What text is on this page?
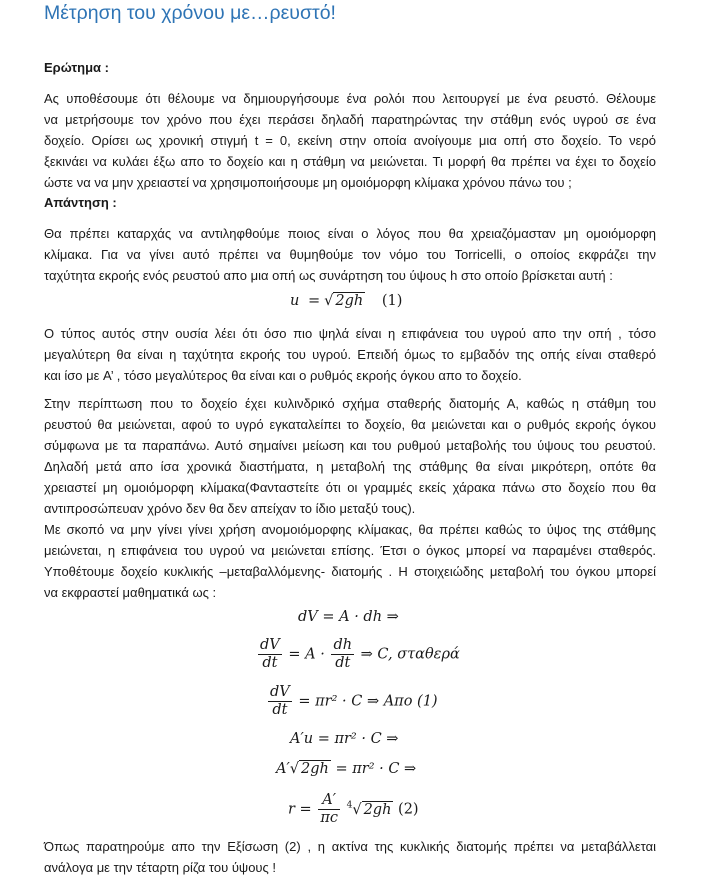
Μέτρηση του χρόνου με…ρευστό!
Ερώτημα :
Ας υποθέσουμε ότι θέλουμε να δημιουργήσουμε ένα ρολόι που λειτουργεί με ένα ρευστό. Θέλουμε
να μετρήσουμε τον χρόνο που έχει περάσει δηλαδή παρατηρώντας την στάθμη ενός υγρού σε ένα
δοχείο. Ορίσει ως χρονική στιγμή t = 0, εκείνη στην οποία ανοίγουμε μια οπή στο δοχείο. Το νερό
ξεκινάει να κυλάει έξω απο το δοχείο και η στάθμη να μειώνεται. Τι μορφή θα πρέπει να έχει το δοχείο
ώστε να να μην χρειαστεί να χρησιμοποιήσουμε μη ομοιόμορφη κλίμακα χρόνου πάνω του ;
Απάντηση :
Θα πρέπει καταρχάς να αντιληφθούμε ποιος είναι ο λόγος που θα χρειαζόμασταν μη ομοιόμορφη
κλίμακα. Για να γίνει αυτό πρέπει να θυμηθούμε τον νόμο του Torricelli, ο οποίος εκφράζει την
ταχύτητα εκροής ενός ρευστού απο μια οπή ως συνάρτηση του ύψους h στο οποίο βρίσκεται αυτή :
u = √ 2gh (1)
Ο τύπος αυτός στην ουσία λέει ότι όσο πιο ψηλά είναι η επιφάνεια του υγρού απο την οπή , τόσο
μεγαλύτερη θα είναι η ταχύτητα εκροής του υγρού. Επειδή όμως το εμβαδόν της οπής είναι σταθερό
και ίσο με A’ , τόσο μεγαλύτερος θα είναι και ο ρυθμός εκροής όγκου απο το δοχείο.
Στην περίπτωση που το δοχείο έχει κυλινδρικό σχήμα σταθερής διατομής Α, καθώς η στάθμη του
ρευστού θα μειώνεται, αφού το υγρό εγκαταλείπει το δοχείο, θα μειώνεται και ο ρυθμός εκροής όγκου
σύμφωνα με τα παραπάνω. Αυτό σημαίνει μείωση και του ρυθμού μεταβολής του ύψους του ρευστού.
Δηλαδή μετά απο ίσα χρονικά διαστήματα, η μεταβολή της στάθμης θα είναι μικρότερη, οπότε θα
χρειαστεί μη ομοιόμορφη κλίμακα(Φανταστείτε ότι οι γραμμές εκείς χάρακα πάνω στο δοχείο που θα
αντιπροσώπευαν χρόνο δεν θα δεν απείχαν το ίδιο μεταξύ τους).
Με σκοπό να μην γίνει γίνει χρήση ανομοιόμορφης κλίμακας, θα πρέπει καθώς το ύψος της στάθμης
μειώνεται, η επιφάνεια του υγρού να μειώνεται επίσης. Έτσι ο όγκος μπορεί να παραμένει σταθερός.
Υποθέτουμε δοχείο κυκλικής –μεταβαλλόμενης- διατομής . Η στοιχειώδης μεταβολή του όγκου μπορεί
να εκφραστεί μαθηματικά ως :
dV = A · dh ⇒
$\frac{dV}{dt} = A \cdot \frac{dh}{dt}$ ⇒ C, σταθερά
$\frac{dV}{dt} = \pi r^2 \cdot C$ ⇒ Απο (1)
A′u = πr² · C ⇒
A′√ 2gh = πr² · C ⇒
$r = \frac{A'}{\pi c} ^4√$ 2gh (2)
Όπως παρατηρούμε απο την Εξίσωση (2) , η ακτίνα της κυκλικής διατομής πρέπει να μεταβάλλεται
ανάλογα με την τέταρτη ρίζα του ύψους !
